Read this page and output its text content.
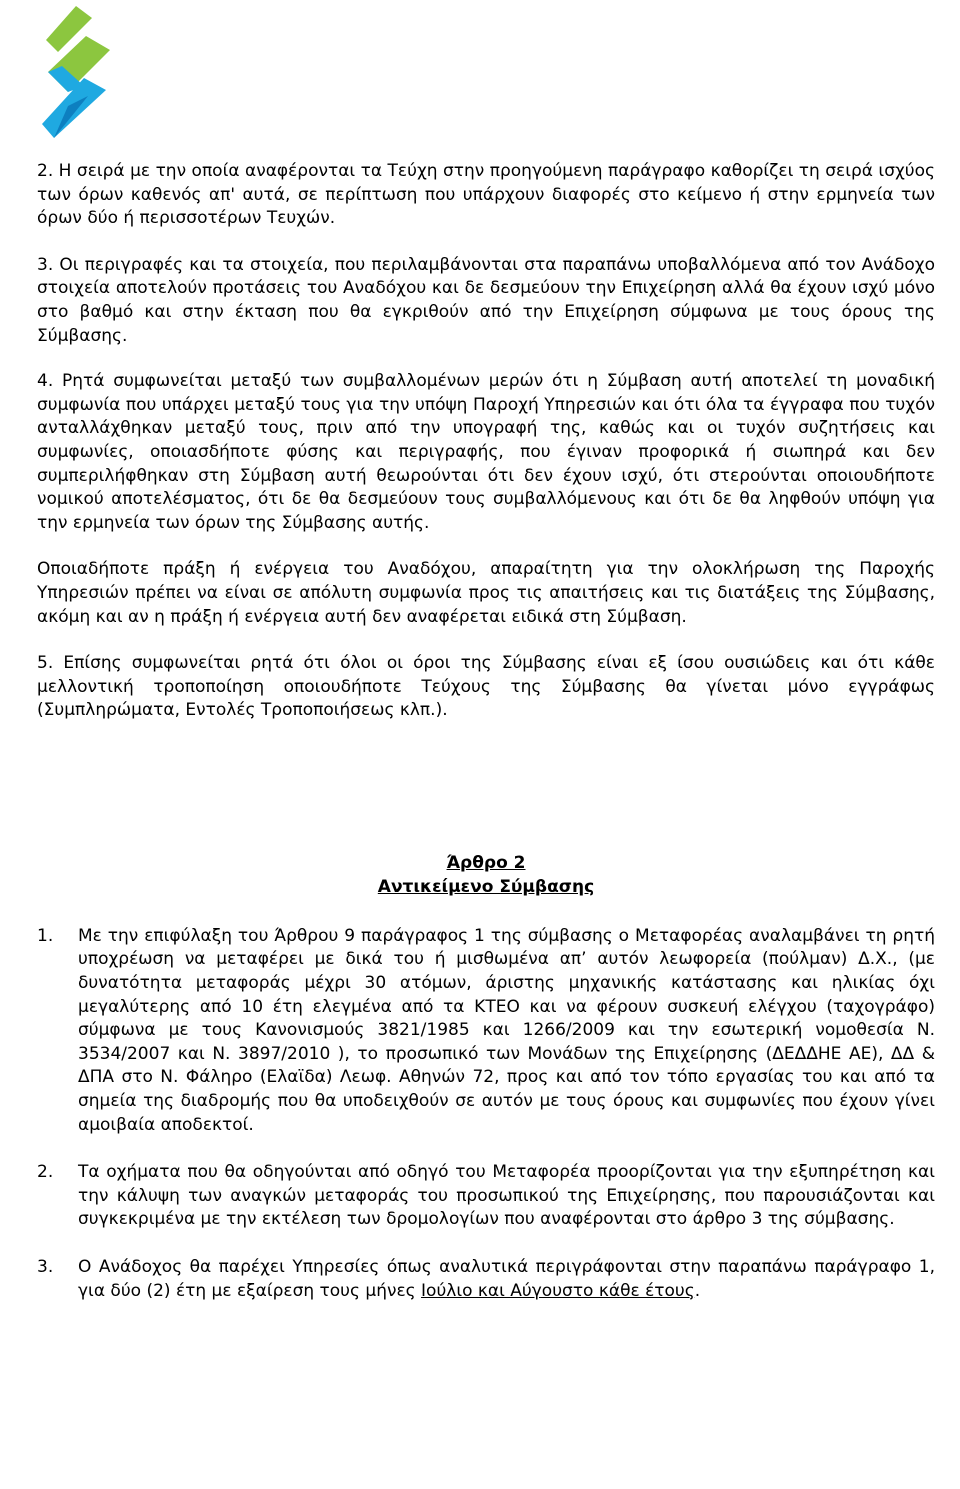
2. Η σειρά με την οποία αναφέρονται τα Τεύχη στην προηγούμενη παράγραφο καθορίζει τη σειρά ισχύος των όρων καθενός απ' αυτά, σε περίπτωση που υπάρχουν διαφορές στο κείμενο ή στην ερμηνεία των όρων δύο ή περισσοτέρων Τευχών.

3. Οι περιγραφές και τα στοιχεία, που περιλαμβάνονται στα παραπάνω υποβαλλόμενα από τον Ανάδοχο στοιχεία αποτελούν προτάσεις του Αναδόχου και δε δεσμεύουν την Επιχείρηση αλλά θα έχουν ισχύ μόνο στο βαθμό και στην έκταση που θα εγκριθούν από την Επιχείρηση σύμφωνα με τους όρους της Σύμβασης.

4. Ρητά συμφωνείται μεταξύ των συμβαλλομένων μερών ότι η Σύμβαση αυτή αποτελεί τη μοναδική συμφωνία που υπάρχει μεταξύ τους για την υπόψη Παροχή Υπηρεσιών και ότι όλα τα έγγραφα που τυχόν ανταλλάχθηκαν μεταξύ τους, πριν από την υπογραφή της, καθώς και οι τυχόν συζητήσεις και συμφωνίες, οποιασδήποτε φύσης και περιγραφής, που έγιναν προφορικά ή σιωπηρά και δεν συμπεριλήφθηκαν στη Σύμβαση αυτή θεωρούνται ότι δεν έχουν ισχύ, ότι στερούνται οποιουδήποτε νομικού αποτελέσματος, ότι δε θα δεσμεύουν τους συμβαλλόμενους και ότι δε θα ληφθούν υπόψη για την ερμηνεία των όρων της Σύμβασης αυτής.

Οποιαδήποτε πράξη ή ενέργεια του Αναδόχου, απαραίτητη για την ολοκλήρωση της Παροχής Υπηρεσιών πρέπει να είναι σε απόλυτη συμφωνία προς τις απαιτήσεις και τις διατάξεις της Σύμβασης, ακόμη και αν η πράξη ή ενέργεια αυτή δεν αναφέρεται ειδικά στη Σύμβαση.

5. Επίσης συμφωνείται ρητά ότι όλοι οι όροι της Σύμβασης είναι εξ ίσου ουσιώδεις και ότι κάθε μελλοντική τροποποίηση οποιουδήποτε Τεύχους της Σύμβασης θα γίνεται μόνο εγγράφως (Συμπληρώματα, Εντολές Τροποποιήσεως κλπ.).

Άρθρο 2

Αντικείμενο Σύμβασης

1.	Με την επιφύλαξη του Άρθρου 9 παράγραφος 1 της σύμβασης ο Μεταφορέας αναλαμβάνει τη ρητή υποχρέωση να μεταφέρει με δικά του ή μισθωμένα απ’ αυτόν λεωφορεία (πούλμαν) Δ.Χ., (με δυνατότητα μεταφοράς μέχρι 30 ατόμων, άριστης μηχανικής κατάστασης και ηλικίας όχι μεγαλύτερης από 10 έτη ελεγμένα από τα ΚΤΕΟ και να φέρουν συσκευή ελέγχου (ταχογράφο) σύμφωνα με τους Κανονισμούς 3821/1985 και 1266/2009 και την εσωτερική νομοθεσία Ν. 3534/2007 και Ν. 3897/2010 ), το προσωπικό των Μονάδων της Επιχείρησης (ΔΕΔΔΗΕ ΑΕ), ΔΔ & ΔΠΑ στο Ν. Φάληρο (Ελαϊδα) Λεωφ. Αθηνών 72, προς και από τον τόπο εργασίας του και από τα σημεία της διαδρομής που θα υποδειχθούν σε αυτόν με τους όρους και συμφωνίες που έχουν γίνει αμοιβαία αποδεκτοί.
2.	Τα οχήματα που θα οδηγούνται από οδηγό του Μεταφορέα προορίζονται για την εξυπηρέτηση και την κάλυψη των αναγκών μεταφοράς του προσωπικού της Επιχείρησης, που παρουσιάζονται και συγκεκριμένα με την εκτέλεση των δρομολογίων που αναφέρονται στο άρθρο 3 της σύμβασης.
3.	Ο Ανάδοχος θα παρέχει Υπηρεσίες όπως αναλυτικά περιγράφονται στην παραπάνω παράγραφο 1, για δύο (2) έτη με εξαίρεση τους μήνες Ιούλιο και Αύγουστο κάθε έτους.
